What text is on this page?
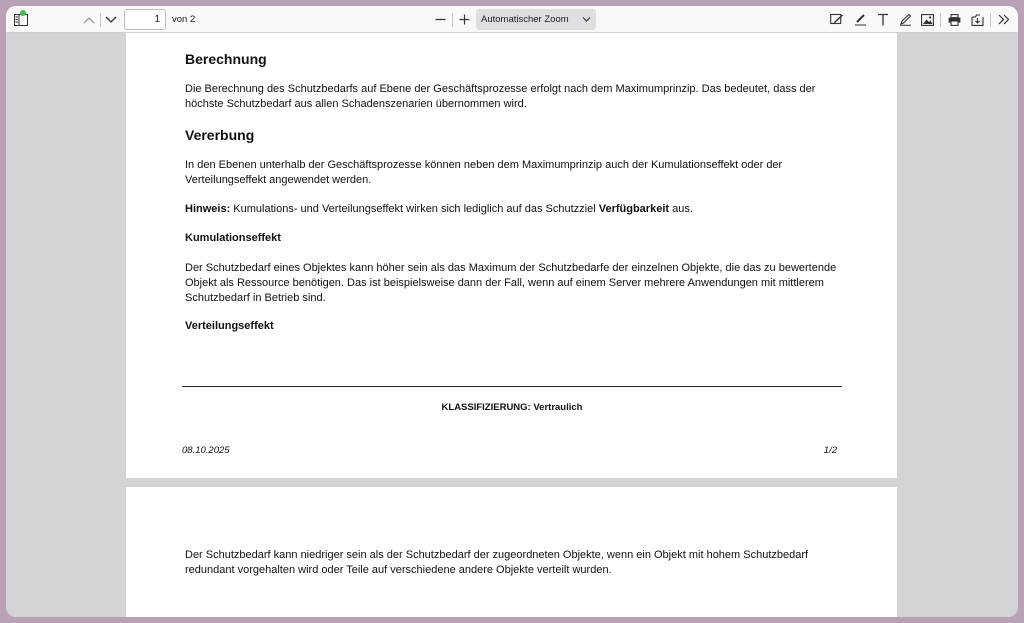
1	von 2	Automatischer Zoom
Berechnung

Die Berechnung des Schutzbedarfs auf Ebene der Geschäftsprozesse erfolgt nach dem Maximumprinzip. Das bedeutet, dass der höchste Schutzbedarf aus allen Schadenszenarien übernommen wird.

Vererbung

In den Ebenen unterhalb der Geschäftsprozesse können neben dem Maximumprinzip auch der Kumulationseffekt oder der Verteilungseffekt angewendet werden.

Hinweis: Kumulations- und Verteilungseffekt wirken sich lediglich auf das Schutzziel Verfügbarkeit aus.

Kumulationseffekt

Der Schutzbedarf eines Objektes kann höher sein als das Maximum der Schutzbedarfe der einzelnen Objekte, die das zu bewertende Objekt als Ressource benötigen. Das ist beispielsweise dann der Fall, wenn auf einem Server mehrere Anwendungen mit mittlerem Schutzbedarf in Betrieb sind.

Verteilungseffekt
KLASSIFIZIERUNG: Vertraulich
08.10.2025	1/2

Der Schutzbedarf kann niedriger sein als der Schutzbedarf der zugeordneten Objekte, wenn ein Objekt mit hohem Schutzbedarf redundant vorgehalten wird oder Teile auf verschiedene andere Objekte verteilt wurden.
